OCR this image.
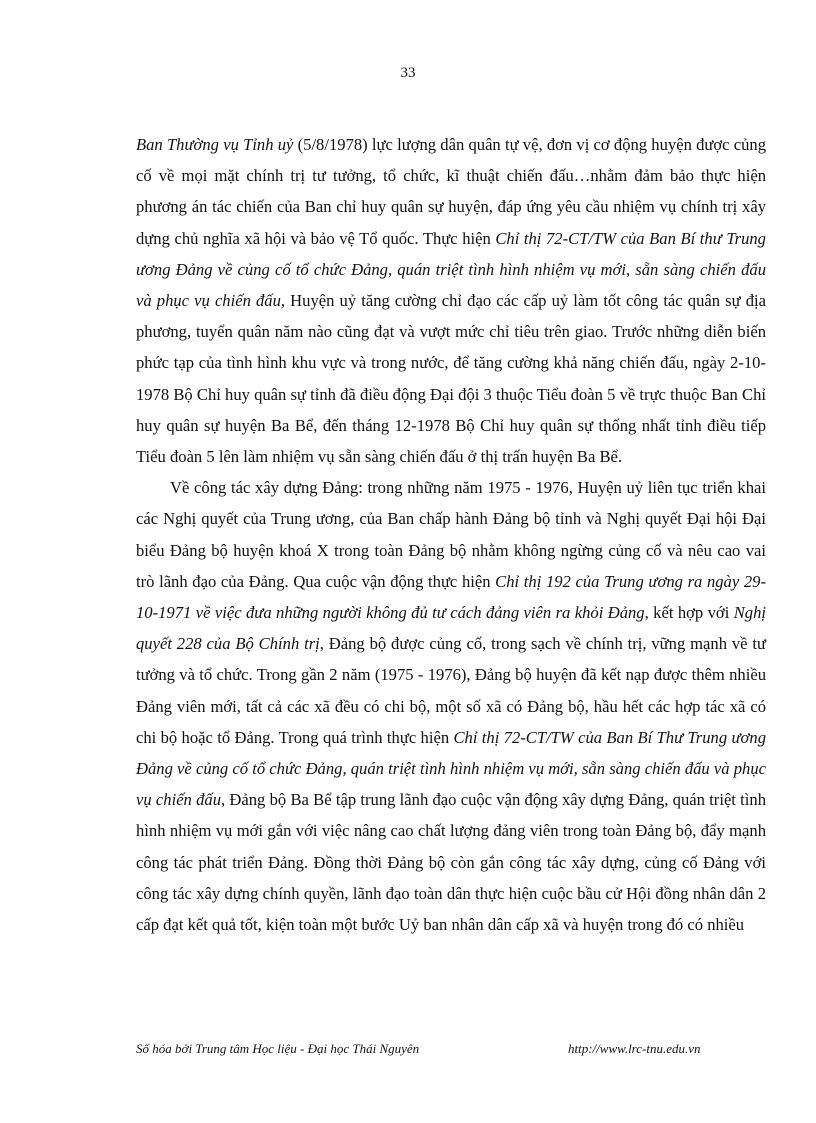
33

Ban Thường vụ Tỉnh uỷ (5/8/1978) lực lượng dân quân tự vệ, đơn vị cơ động huyện được củng cố về mọi mặt chính trị tư tưởng, tổ chức, kĩ thuật chiến đấu…nhằm đảm bảo thực hiện phương án tác chiến của Ban chỉ huy quân sự huyện, đáp ứng yêu cầu nhiệm vụ chính trị xây dựng chủ nghĩa xã hội và bảo vệ Tổ quốc. Thực hiện Chỉ thị 72-CT/TW của Ban Bí thư Trung ương Đảng về củng cố tổ chức Đảng, quán triệt tình hình nhiệm vụ mới, sẵn sàng chiến đấu và phục vụ chiến đấu, Huyện uỷ tăng cường chỉ đạo các cấp uỷ làm tốt công tác quân sự địa phương, tuyển quân năm nào cũng đạt và vượt mức chỉ tiêu trên giao. Trước những diễn biến phức tạp của tình hình khu vực và trong nước, để tăng cường khả năng chiến đấu, ngày 2-10-1978 Bộ Chỉ huy quân sự tỉnh đã điều động Đại đội 3 thuộc Tiểu đoàn 5 về trực thuộc Ban Chỉ huy quân sự huyện Ba Bể, đến tháng 12-1978 Bộ Chỉ huy quân sự thống nhất tỉnh điều tiếp Tiểu đoàn 5 lên làm nhiệm vụ sẵn sàng chiến đấu ở thị trấn huyện Ba Bể.

Về công tác xây dựng Đảng: trong những năm 1975 - 1976, Huyện uỷ liên tục triển khai các Nghị quyết của Trung ương, của Ban chấp hành Đảng bộ tỉnh và Nghị quyết Đại hội Đại biểu Đảng bộ huyện khoá X trong toàn Đảng bộ nhằm không ngừng củng cố và nêu cao vai trò lãnh đạo của Đảng. Qua cuộc vận động thực hiện Chỉ thị 192 của Trung ương ra ngày 29-10-1971 về việc đưa những người không đủ tư cách đảng viên ra khỏi Đảng, kết hợp với Nghị quyết 228 của Bộ Chính trị, Đảng bộ được củng cố, trong sạch về chính trị, vững mạnh về tư tưởng và tổ chức. Trong gần 2 năm (1975 - 1976), Đảng bộ huyện đã kết nạp được thêm nhiều Đảng viên mới, tất cả các xã đều có chi bộ, một số xã có Đảng bộ, hầu hết các hợp tác xã có chi bộ hoặc tổ Đảng. Trong quá trình thực hiện Chỉ thị 72-CT/TW của Ban Bí Thư Trung ương Đảng về củng cố tổ chức Đảng, quán triệt tình hình nhiệm vụ mới, sẵn sàng chiến đấu và phục vụ chiến đấu, Đảng bộ Ba Bể tập trung lãnh đạo cuộc vận động xây dựng Đảng, quán triệt tình hình nhiệm vụ mới gắn với việc nâng cao chất lượng đảng viên trong toàn Đảng bộ, đẩy mạnh công tác phát triển Đảng. Đồng thời Đảng bộ còn gắn công tác xây dựng, củng cố Đảng với công tác xây dựng chính quyền, lãnh đạo toàn dân thực hiện cuộc bầu cử Hội đồng nhân dân 2 cấp đạt kết quả tốt, kiện toàn một bước Uỷ ban nhân dân cấp xã và huyện trong đó có nhiều

Số hóa bởi Trung tâm Học liệu - Đại học Thái Nguyên	http://www.lrc-tnu.edu.vn
